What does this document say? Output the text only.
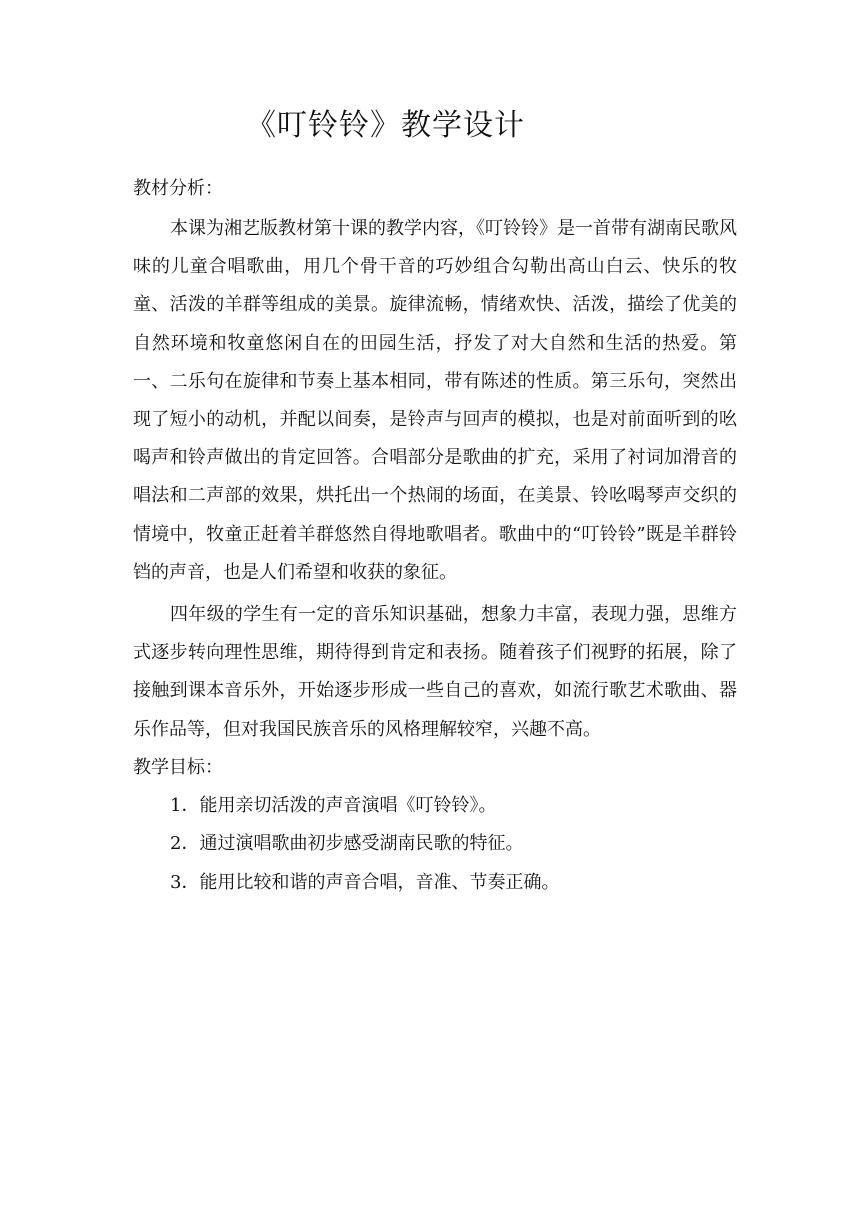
《叮铃铃》教学设计
教材分析：

本课为湘艺版教材第十课的教学内容，《叮铃铃》是一首带有湖南民歌风味的儿童合唱歌曲，用几个骨干音的巧妙组合勾勒出高山白云、快乐的牧童、活泼的羊群等组成的美景。旋律流畅，情绪欢快、活泼，描绘了优美的自然环境和牧童悠闲自在的田园生活，抒发了对大自然和生活的热爱。第一、二乐句在旋律和节奏上基本相同，带有陈述的性质。第三乐句，突然出现了短小的动机，并配以间奏，是铃声与回声的模拟，也是对前面听到的吆喝声和铃声做出的肯定回答。合唱部分是歌曲的扩充，采用了衬词加滑音的唱法和二声部的效果，烘托出一个热闹的场面，在美景、铃吆喝琴声交织的情境中，牧童正赶着羊群悠然自得地歌唱者。歌曲中的“叮铃铃”既是羊群铃铛的声音，也是人们希望和收获的象征。

四年级的学生有一定的音乐知识基础，想象力丰富，表现力强，思维方式逐步转向理性思维，期待得到肯定和表扬。随着孩子们视野的拓展，除了接触到课本音乐外，开始逐步形成一些自己的喜欢，如流行歌艺术歌曲、器乐作品等，但对我国民族音乐的风格理解较窄，兴趣不高。

教学目标：
1．能用亲切活泼的声音演唱《叮铃铃》。
2．通过演唱歌曲初步感受湖南民歌的特征。
3．能用比较和谐的声音合唱，音准、节奏正确。
